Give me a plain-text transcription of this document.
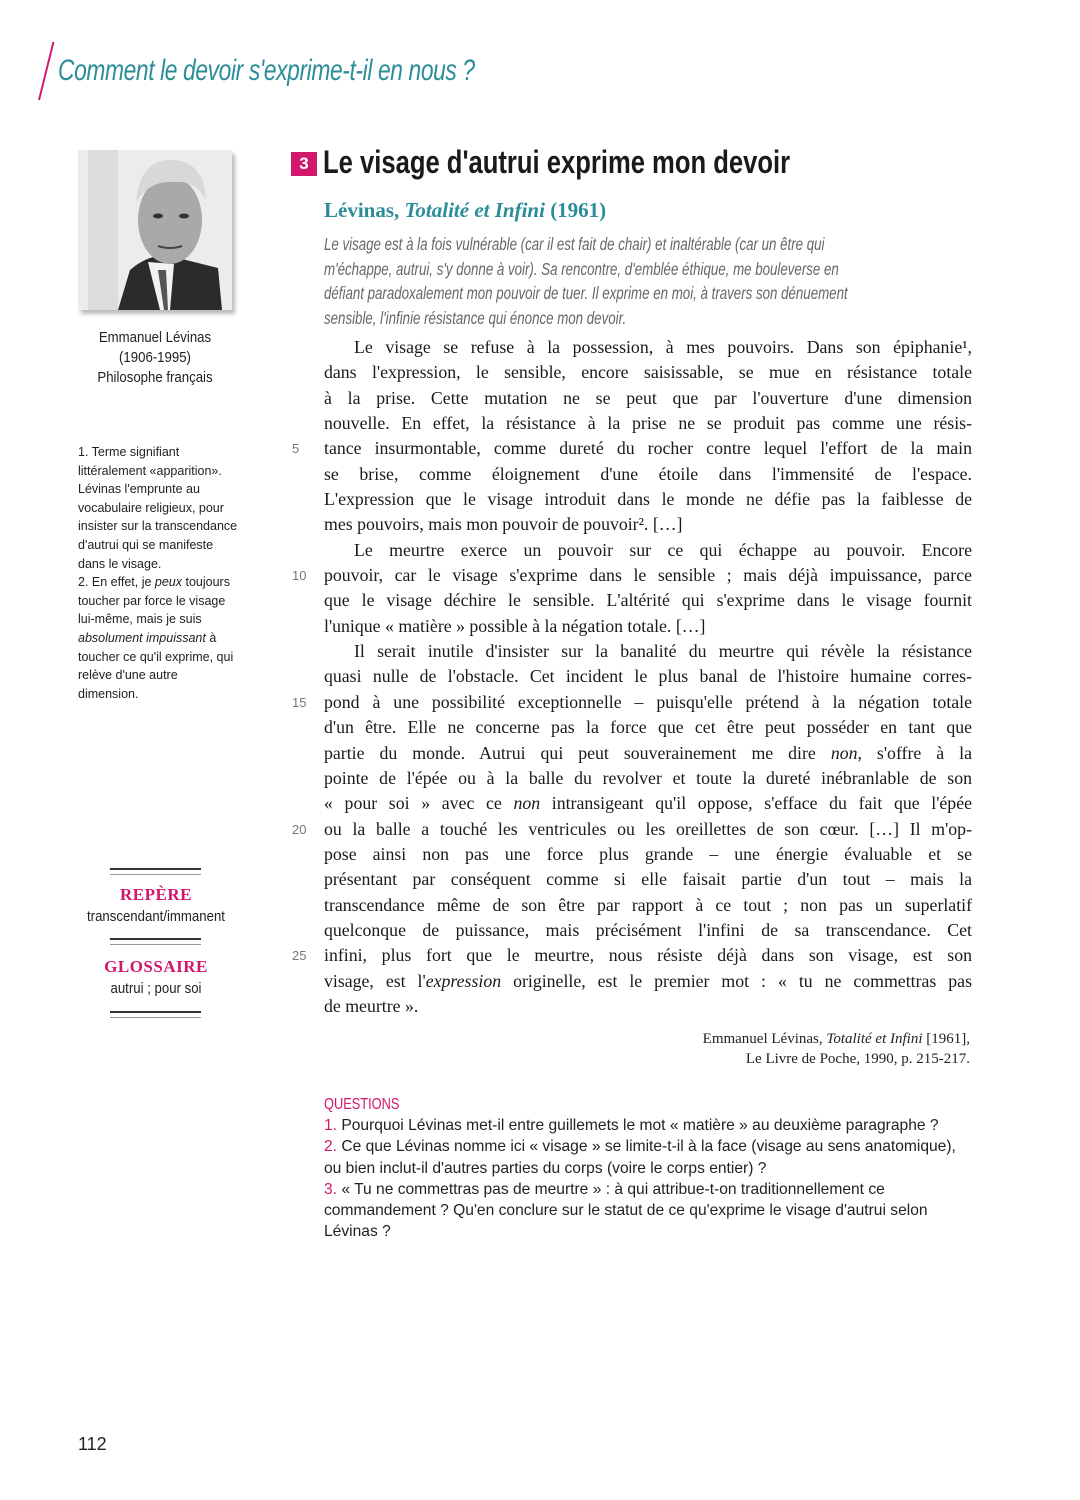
Comment le devoir s'exprime-t-il en nous ?
Emmanuel Lévinas
(1906-1995)
Philosophe français
1. Terme signifiant littéralement «apparition». Lévinas l'emprunte au vocabulaire religieux, pour insister sur la transcendance d'autrui qui se manifeste dans le visage.
2. En effet, je peux toujours toucher par force le visage lui-même, mais je suis absolument impuissant à toucher ce qu'il exprime, qui relève d'une autre dimension.
REPÈRE
transcendant/immanent
GLOSSAIRE
autrui ; pour soi
3 Le visage d'autrui exprime mon devoir
Lévinas, Totalité et Infini (1961)
Le visage est à la fois vulnérable (car il est fait de chair) et inaltérable (car un être qui
m'échappe, autrui, s'y donne à voir). Sa rencontre, d'emblée éthique, me bouleverse en
défiant paradoxalement mon pouvoir de tuer. Il exprime en moi, à travers son dénuement
sensible, l'infinie résistance qui énonce mon devoir.
Le visage se refuse à la possession, à mes pouvoirs. Dans son épiphanie¹,
dans l'expression, le sensible, encore saisissable, se mue en résistance totale
à la prise. Cette mutation ne se peut que par l'ouverture d'une dimension
nouvelle. En effet, la résistance à la prise ne se produit pas comme une résis-
5 tance insurmontable, comme dureté du rocher contre lequel l'effort de la main
se brise, comme éloignement d'une étoile dans l'immensité de l'espace.
L'expression que le visage introduit dans le monde ne défie pas la faiblesse de
mes pouvoirs, mais mon pouvoir de pouvoir². […]
Le meurtre exerce un pouvoir sur ce qui échappe au pouvoir. Encore
10 pouvoir, car le visage s'exprime dans le sensible ; mais déjà impuissance, parce
que le visage déchire le sensible. L'altérité qui s'exprime dans le visage fournit
l'unique « matière » possible à la négation totale. […]
Il serait inutile d'insister sur la banalité du meurtre qui révèle la résistance
quasi nulle de l'obstacle. Cet incident le plus banal de l'histoire humaine corres-
15 pond à une possibilité exceptionnelle – puisqu'elle prétend à la négation totale
d'un être. Elle ne concerne pas la force que cet être peut posséder en tant que
partie du monde. Autrui qui peut souverainement me dire non, s'offre à la
pointe de l'épée ou à la balle du revolver et toute la dureté inébranlable de son
« pour soi » avec ce non intransigeant qu'il oppose, s'efface du fait que l'épée
20 ou la balle a touché les ventricules ou les oreillettes de son cœur. […] Il m'op-
pose ainsi non pas une force plus grande – une énergie évaluable et se
présentant par conséquent comme si elle faisait partie d'un tout – mais la
transcendance même de son être par rapport à ce tout ; non pas un superlatif
quelconque de puissance, mais précisément l'infini de sa transcendance. Cet
25 infini, plus fort que le meurtre, nous résiste déjà dans son visage, est son
visage, est l'expression originelle, est le premier mot : « tu ne commettras pas
de meurtre ».
Emmanuel Lévinas, Totalité et Infini [1961],
Le Livre de Poche, 1990, p. 215-217.
QUESTIONS
1. Pourquoi Lévinas met-il entre guillemets le mot « matière » au deuxième paragraphe ?
2. Ce que Lévinas nomme ici « visage » se limite-t-il à la face (visage au sens anatomique), ou bien inclut-il d'autres parties du corps (voire le corps entier) ?
3. « Tu ne commettras pas de meurtre » : à qui attribue-t-on traditionnellement ce commandement ? Qu'en conclure sur le statut de ce qu'exprime le visage d'autrui selon Lévinas ?
112
